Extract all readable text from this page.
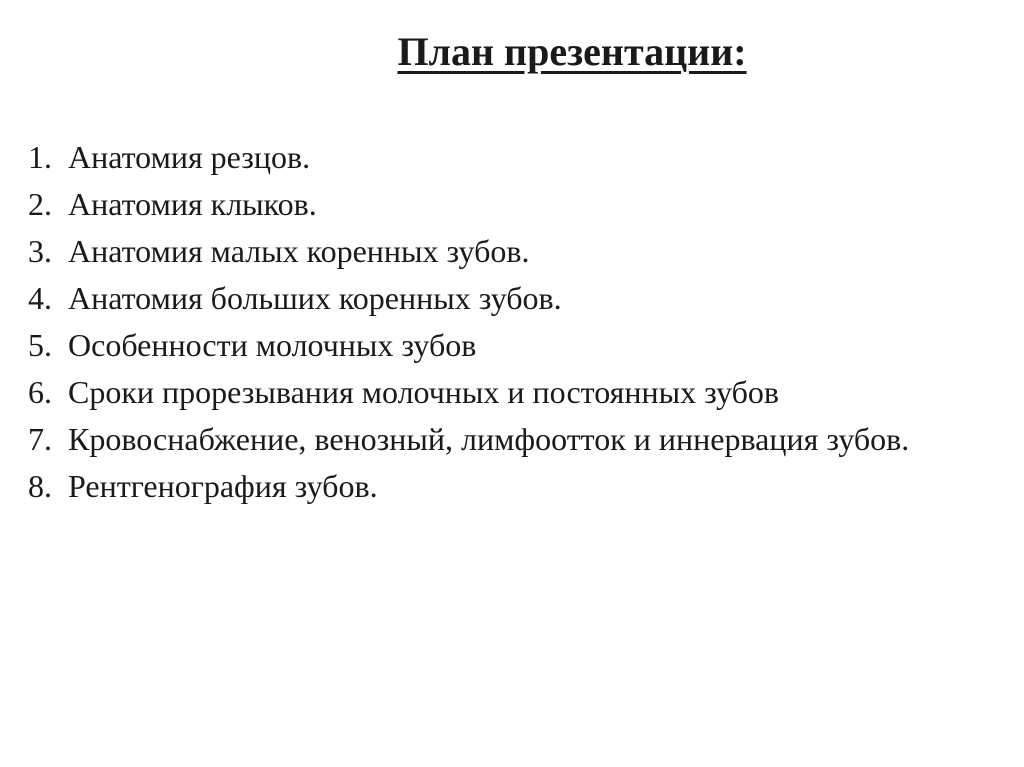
План презентации:
1. Анатомия резцов.
2. Анатомия клыков.
3. Анатомия малых коренных зубов.
4. Анатомия больших коренных зубов.
5. Особенности молочных зубов
6. Сроки прорезывания молочных и постоянных зубов
7. Кровоснабжение, венозный, лимфоотток и иннервация зубов.
8. Рентгенография зубов.
